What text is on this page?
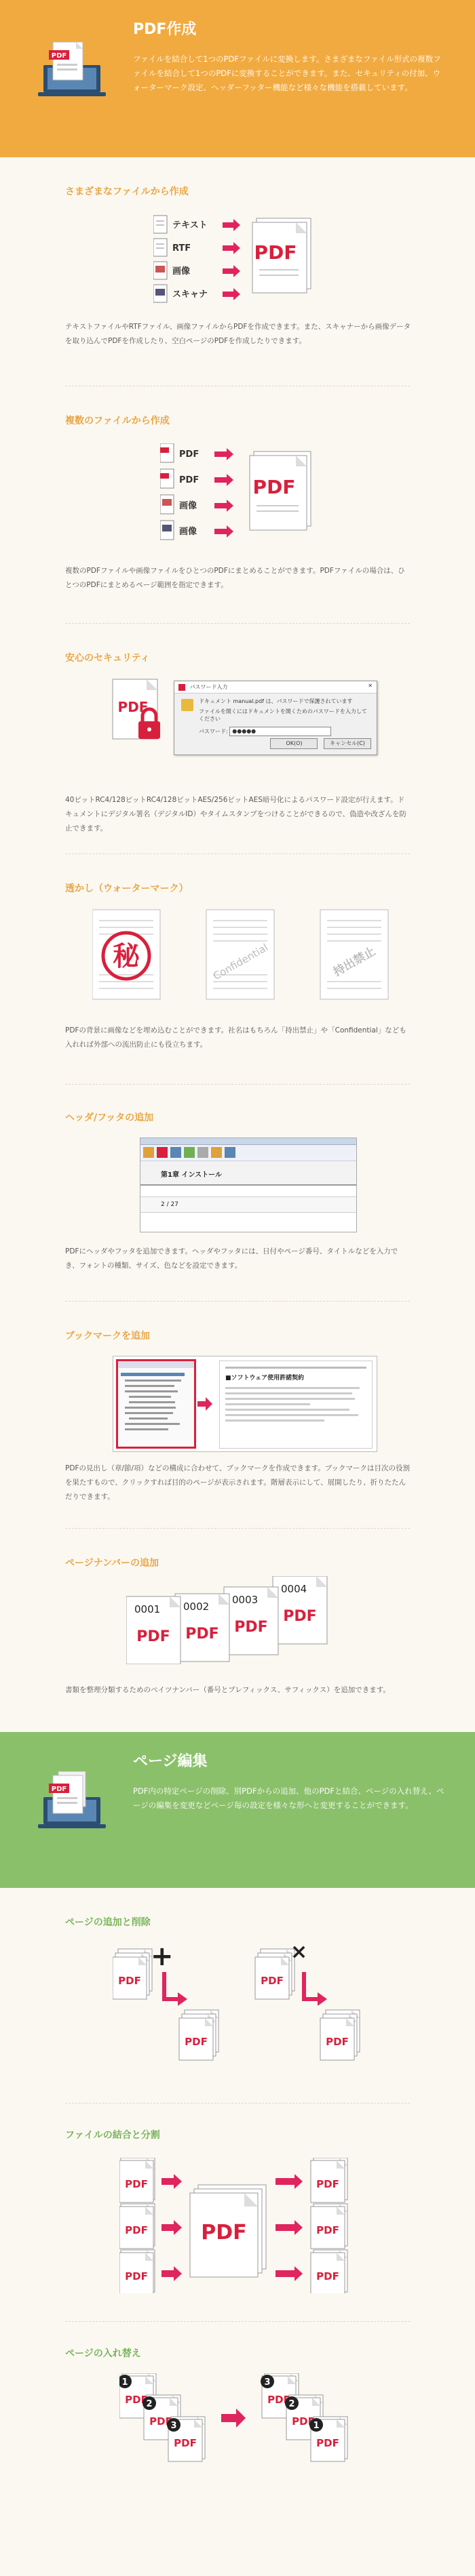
PDF
PDF作成

ファイルを結合して1つのPDFファイルに変換します。さまざまなファイル形式の複数ファイルを結合して1つのPDFに変換することができます。また、セキュリティの付加、ウォーターマーク設定、ヘッダーフッター機能など様々な機能を搭載しています。

さまざまなファイルから作成
テキスト
RTF
画像
スキャナ
PDF

テキストファイルやRTFファイル、画像ファイルからPDFを作成できます。また、スキャナーから画像データを取り込んでPDFを作成したり、空白ページのPDFを作成したりできます。

複数のファイルから作成
PDF
PDF
画像
画像
PDF

複数のPDFファイルや画像ファイルをひとつのPDFにまとめることができます。PDFファイルの場合は、ひとつのPDFにまとめるページ範囲を指定できます。

安心のセキュリティ
PDF
パスワード入力	✕
ドキュメント manual.pdf は、パスワードで保護されています
ファイルを開くにはドキュメントを開くためのパスワードを入力してください
パスワード: ●●●●●
OK(O)	キャンセル(C)

40ビットRC4/128ビットRC4/128ビットAES/256ビットAES暗号化によるパスワード設定が行えます。ドキュメントにデジタル署名（デジタルID）やタイムスタンプをつけることができるので、偽造や改ざんを防止できます。

透かし（ウォーターマーク）
秘	Confidential	持出禁止

PDFの背景に画像などを埋め込むことができます。社名はもちろん「持出禁止」や「Confidential」なども入れれば外部への流出防止にも役立ちます。

ヘッダ/フッタの追加
第1章 インストール
2 / 27

PDFにヘッダやフッタを追加できます。ヘッダやフッタには、日付やページ番号、タイトルなどを入力でき、フォントの種類、サイズ、色などを設定できます。

ブックマークを追加
■ソフトウェア使用許諾契約

PDFの見出し（章/節/項）などの構成に合わせて、ブックマークを作成できます。ブックマークは目次の役割を果たすもので、クリックすれば目的のページが表示されます。階層表示にして、展開したり、折りたたんだりできます。

ページナンバーの追加
0004
PDF
0003
PDF
0002
PDF
0001
PDF

書類を整理分類するためのベイツナンバー（番号とプレフィックス、サフィックス）を追加できます。

PDF
ページ編集

PDF内の特定ページの削除、別PDFからの追加、他のPDFと結合、ページの入れ替え、ページの編集を変更などページ毎の設定を様々な形へと変更することができます。

ページの追加と削除
+	×
ファイルの結合と分割
PDF
ページの入れ替え
1
2
3
3
2
1
